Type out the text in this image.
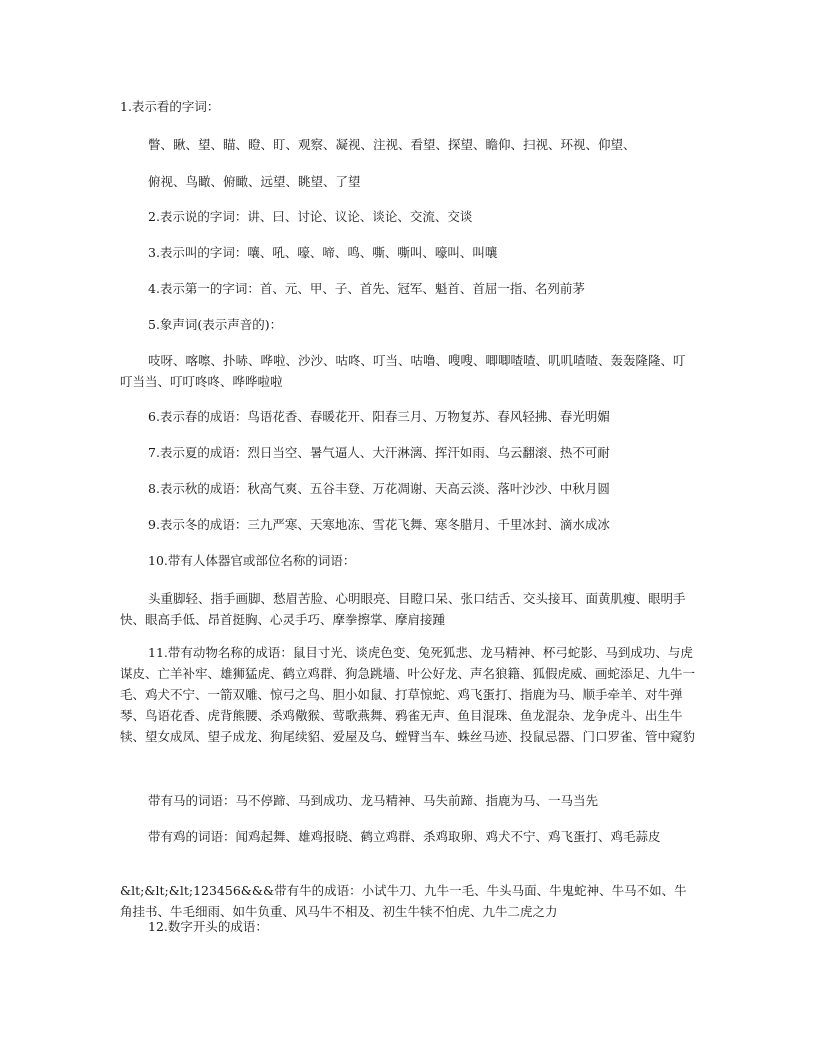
1.表示看的字词：

瞥、瞅、望、瞄、瞪、盯、观察、凝视、注视、看望、探望、瞻仰、扫视、环视、仰望、

俯视、鸟瞰、俯瞰、远望、眺望、了望

2.表示说的字词：讲、曰、讨论、议论、谈论、交流、交谈

3.表示叫的字词：嚷、吼、嚎、啼、鸣、嘶、嘶叫、嚎叫、叫嚷

4.表示第一的字词：首、元、甲、子、首先、冠军、魁首、首屈一指、名列前茅

5.象声词(表示声音的)：

吱呀、喀嚓、扑哧、哗啦、沙沙、咕咚、叮当、咕噜、嗖嗖、唧唧喳喳、叽叽喳喳、轰轰隆隆、叮叮当当、叮叮咚咚、哗哗啦啦

6.表示春的成语：鸟语花香、春暖花开、阳春三月、万物复苏、春风轻拂、春光明媚

7.表示夏的成语：烈日当空、暑气逼人、大汗淋漓、挥汗如雨、乌云翻滚、热不可耐

8.表示秋的成语：秋高气爽、五谷丰登、万花凋谢、天高云淡、落叶沙沙、中秋月圆

9.表示冬的成语：三九严寒、天寒地冻、雪花飞舞、寒冬腊月、千里冰封、滴水成冰

10.带有人体器官或部位名称的词语：

头重脚轻、指手画脚、愁眉苦脸、心明眼亮、目瞪口呆、张口结舌、交头接耳、面黄肌瘦、眼明手快、眼高手低、昂首挺胸、心灵手巧、摩拳擦掌、摩肩接踵

11.带有动物名称的成语：鼠目寸光、谈虎色变、兔死狐悲、龙马精神、杯弓蛇影、马到成功、与虎谋皮、亡羊补牢、雄狮猛虎、鹤立鸡群、狗急跳墙、叶公好龙、声名狼籍、狐假虎威、画蛇添足、九牛一毛、鸡犬不宁、一箭双雕、惊弓之鸟、胆小如鼠、打草惊蛇、鸡飞蛋打、指鹿为马、顺手牵羊、对牛弹琴、鸟语花香、虎背熊腰、杀鸡儆猴、莺歌燕舞、鸦雀无声、鱼目混珠、鱼龙混杂、龙争虎斗、出生牛犊、望女成凤、望子成龙、狗尾续貂、爱屋及乌、螳臂当车、蛛丝马迹、投鼠忌器、门口罗雀、管中窥豹

带有马的词语：马不停蹄、马到成功、龙马精神、马失前蹄、指鹿为马、一马当先

带有鸡的词语：闻鸡起舞、雄鸡报晓、鹤立鸡群、杀鸡取卵、鸡犬不宁、鸡飞蛋打、鸡毛蒜皮

&lt;&lt;&lt;123456&&&带有牛的成语：小试牛刀、九牛一毛、牛头马面、牛鬼蛇神、牛马不如、牛角挂书、牛毛细雨、如牛负重、风马牛不相及、初生牛犊不怕虎、九牛二虎之力

12.数字开头的成语：
